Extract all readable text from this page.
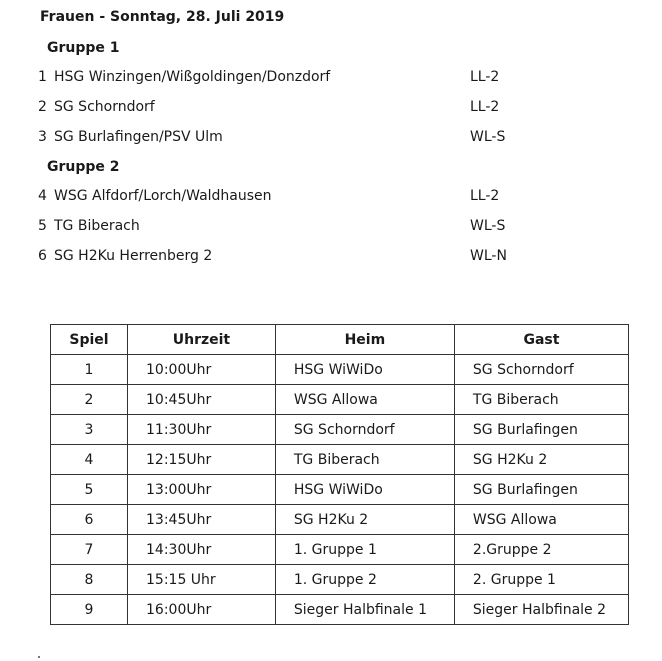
Frauen - Sonntag, 28. Juli 2019
Gruppe 1
1 HSG Winzingen/Wißgoldingen/Donzdorf	LL-2
2 SG Schorndorf	LL-2
3 SG Burlafingen/PSV Ulm	WL-S
Gruppe 2
4 WSG Alfdorf/Lorch/Waldhausen	LL-2
5 TG Biberach	WL-S
6 SG H2Ku Herrenberg 2	WL-N
Spiel	Uhrzeit	Heim	Gast
1	10:00Uhr	HSG WiWiDo	SG Schorndorf
2	10:45Uhr	WSG Allowa	TG Biberach
3	11:30Uhr	SG Schorndorf	SG Burlafingen
4	12:15Uhr	TG Biberach	SG H2Ku 2
5	13:00Uhr	HSG WiWiDo	SG Burlafingen
6	13:45Uhr	SG H2Ku 2	WSG Allowa
7	14:30Uhr	1. Gruppe 1	2.Gruppe 2
8	15:15 Uhr	1. Gruppe 2	2. Gruppe 1
9	16:00Uhr	Sieger Halbfinale 1	Sieger Halbfinale 2
